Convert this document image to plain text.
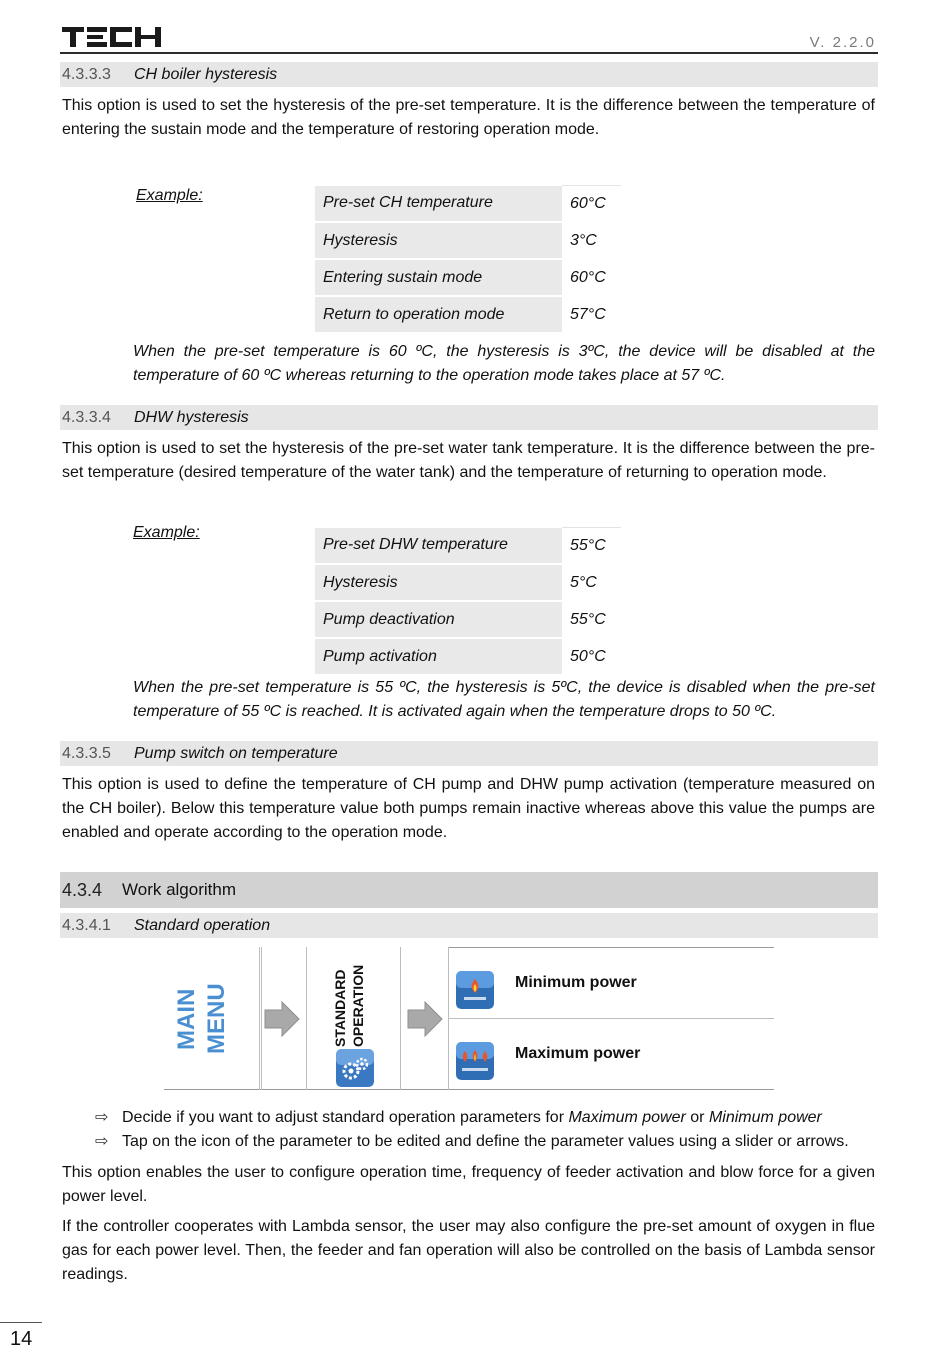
TECH
V. 2.2.0
4.3.3.3 CH boiler hysteresis

This option is used to set the hysteresis of the pre-set temperature. It is the difference between the temperature of entering the sustain mode and the temperature of restoring operation mode.

Example:	Pre-set CH temperature	60°C
Hysteresis	3°C
Entering sustain mode	60°C
Return to operation mode	57°C

When the pre-set temperature is 60 ºC, the hysteresis is 3ºC, the device will be disabled at the temperature of 60 ºC whereas returning to the operation mode takes place at 57 ºC.

4.3.3.4 DHW hysteresis

This option is used to set the hysteresis of the pre-set water tank temperature. It is the difference between the pre-set temperature (desired temperature of the water tank) and the temperature of returning to operation mode.

Example:
Pre-set DHW temperature	55°C
Hysteresis	5°C
Pump deactivation	55°C
Pump activation	50°C

When the pre-set temperature is 55 ºC, the hysteresis is 5ºC, the device is disabled when the pre-set temperature of 55 ºC is reached. It is activated again when the temperature drops to 50 ºC.

4.3.3.5 Pump switch on temperature

This option is used to define the temperature of CH pump and DHW pump activation (temperature measured on the CH boiler). Below this temperature value both pumps remain inactive whereas above this value the pumps are enabled and operate according to the operation mode.

4.3.4 Work algorithm
4.3.4.1 Standard operation
MAIN MENU	STANDARD OPERATION	Minimum power
Maximum power
⇨ Decide if you want to adjust standard operation parameters for Maximum power or Minimum power
⇨ Tap on the icon of the parameter to be edited and define the parameter values using a slider or arrows.

This option enables the user to configure operation time, frequency of feeder activation and blow force for a given power level.

If the controller cooperates with Lambda sensor, the user may also configure the pre-set amount of oxygen in flue gas for each power level. Then, the feeder and fan operation will also be controlled on the basis of Lambda sensor readings.

14
